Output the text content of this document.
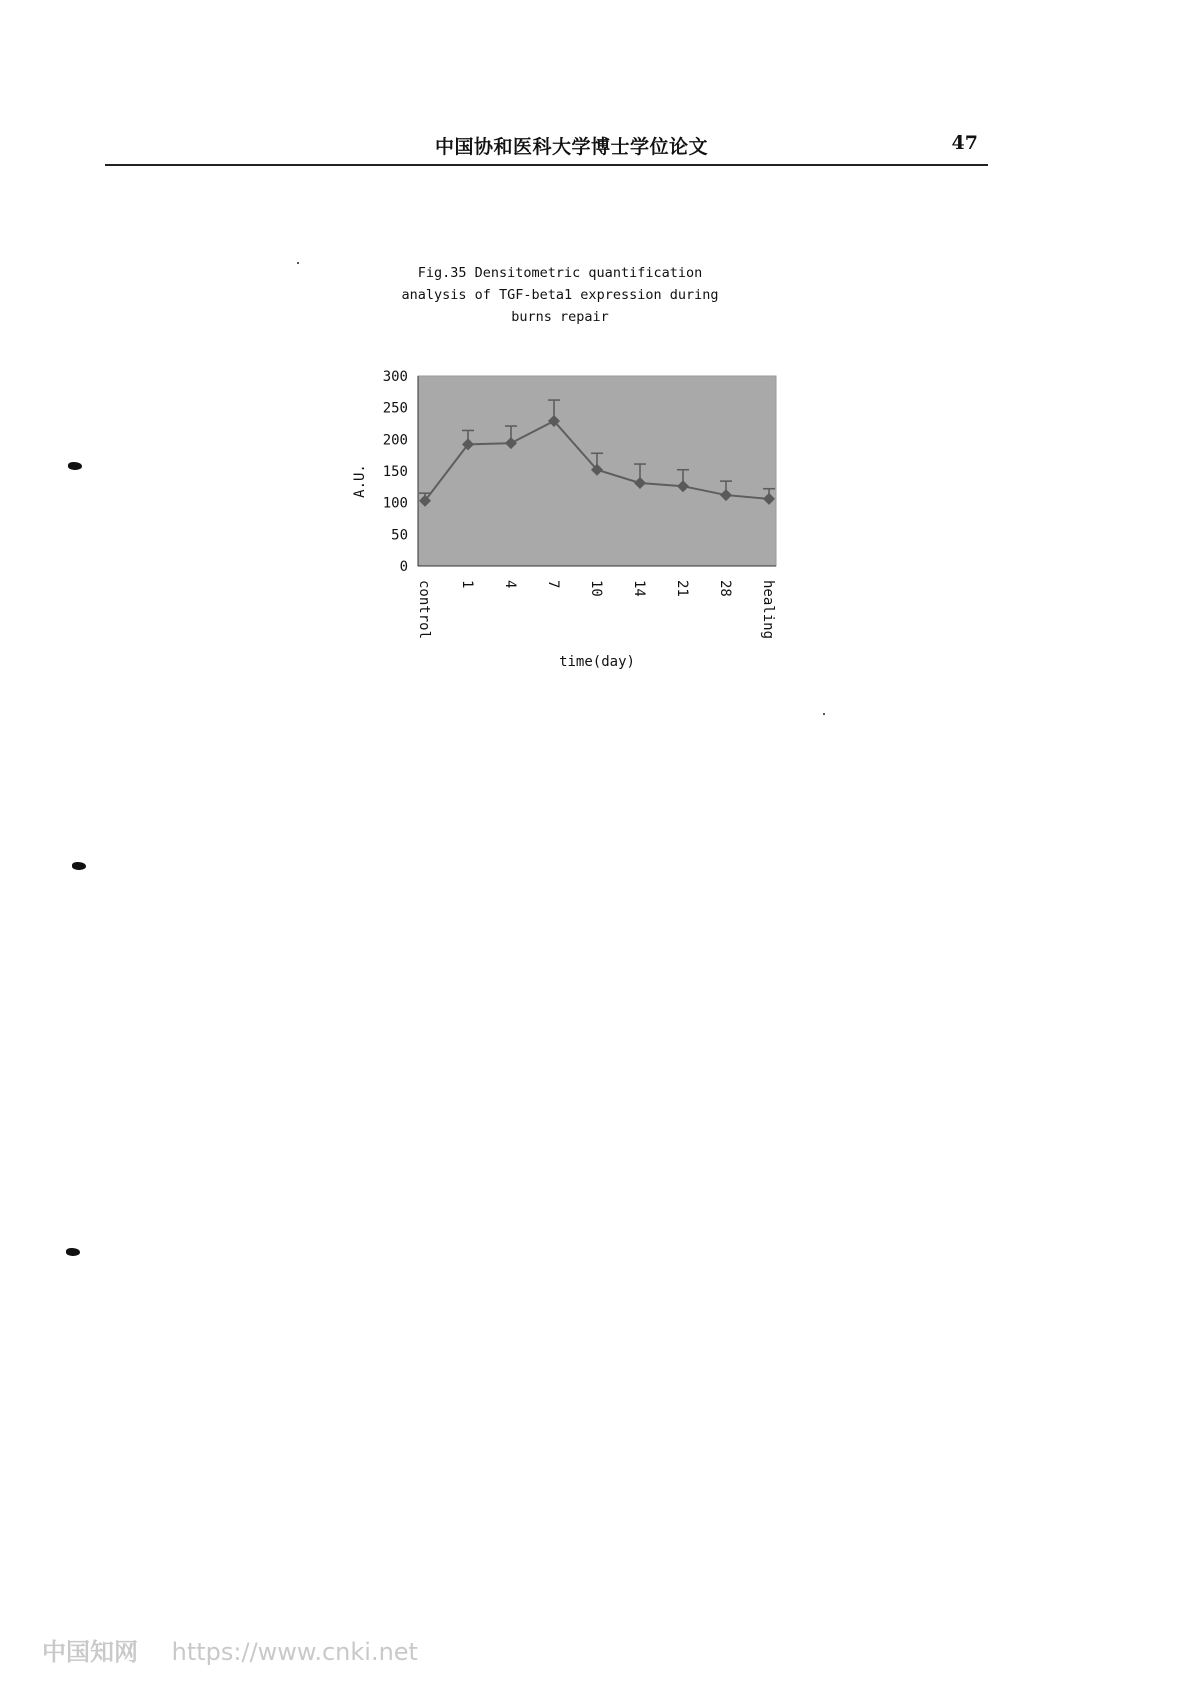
中国协和医科大学博士学位论文	47
Fig.35 Densitometric quantification
analysis of TGF-beta1 expression during
burns repair
0
50
100
150
200
250
300
A.U.
control 1 4 7 10 14 21 28 healing
time(day)
中国知网 https://www.cnki.net
